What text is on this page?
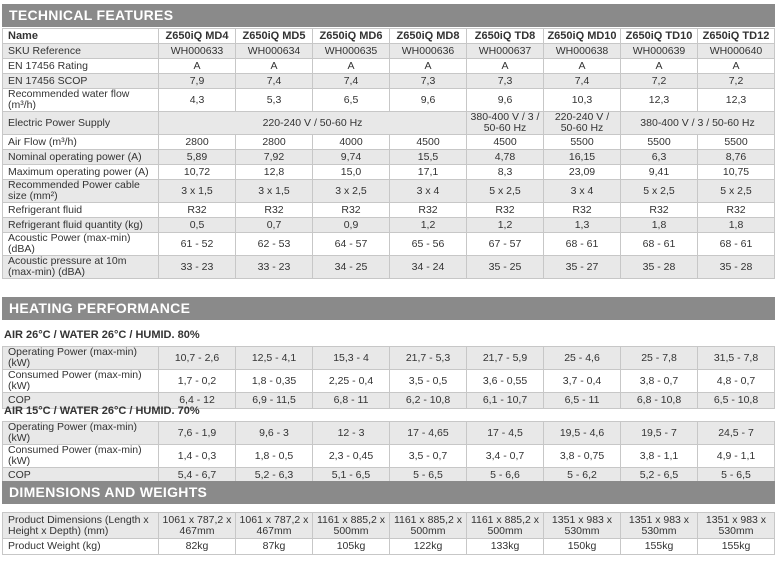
TECHNICAL FEATURES
Name	Z650iQ MD4	Z650iQ MD5	Z650iQ MD6	Z650iQ MD8	Z650iQ TD8	Z650iQ MD10	Z650iQ TD10	Z650iQ TD12
SKU Reference	WH000633	WH000634	WH000635	WH000636	WH000637	WH000638	WH000639	WH000640
EN 17456 Rating	A	A	A	A	A	A	A	A
EN 17456 SCOP	7,9	7,4	7,4	7,3	7,3	7,4	7,2	7,2
Recommended water flow (m³/h)	4,3	5,3	6,5	9,6	9,6	10,3	12,3	12,3
Electric Power Supply	220-240 V / 50-60 Hz				380-400 V / 3 / 50-60 Hz	220-240 V / 50-60 Hz	380-400 V / 3 / 50-60 Hz	
Air Flow (m³/h)	2800	2800	4000	4500	4500	5500	5500	5500
Nominal operating power (A)	5,89	7,92	9,74	15,5	4,78	16,15	6,3	8,76
Maximum operating power (A)	10,72	12,8	15,0	17,1	8,3	23,09	9,41	10,75
Recommended Power cable size (mm²)	3 x 1,5	3 x 1,5	3 x 2,5	3 x 4	5 x 2,5	3 x 4	5 x 2,5	5 x 2,5
Refrigerant fluid	R32	R32	R32	R32	R32	R32	R32	R32
Refrigerant fluid quantity (kg)	0,5	0,7	0,9	1,2	1,2	1,3	1,8	1,8
Acoustic Power (max-min) (dBA)	61 - 52	62 - 53	64 - 57	65 - 56	67 - 57	68 - 61	68 - 61	68 - 61
Acoustic pressure at 10m (max-min) (dBA)	33 - 23	33 - 23	34 - 25	34 - 24	35 - 25	35 - 27	35 - 28	35 - 28
HEATING PERFORMANCE
AIR 26°C / WATER 26°C / HUMID. 80%
Operating Power (max-min) (kW)	10,7 - 2,6	12,5 - 4,1	15,3 - 4	21,7 - 5,3	21,7 - 5,9	25 - 4,6	25 - 7,8	31,5 - 7,8
Consumed Power (max-min) (kW)	1,7 - 0,2	1,8 - 0,35	2,25 - 0,4	3,5 - 0,5	3,6 - 0,55	3,7 - 0,4	3,8 - 0,7	4,8 - 0,7
COP	6,4 - 12	6,9 - 11,5	6,8 - 11	6,2 - 10,8	6,1 - 10,7	6,5 - 11	6,8 - 10,8	6,5 - 10,8
AIR 15°C / WATER 26°C / HUMID. 70%
Operating Power (max-min) (kW)	7,6 - 1,9	9,6 - 3	12 - 3	17 - 4,65	17 - 4,5	19,5 - 4,6	19,5 - 7	24,5 - 7
Consumed Power (max-min) (kW)	1,4 - 0,3	1,8 - 0,5	2,3 - 0,45	3,5 - 0,7	3,4 - 0,7	3,8 - 0,75	3,8 - 1,1	4,9 - 1,1
COP	5,4 - 6,7	5,2 - 6,3	5,1 - 6,5	5 - 6,5	5 - 6,6	5 - 6,2	5,2 - 6,5	5 - 6,5
DIMENSIONS AND WEIGHTS
Product Dimensions (Length x Height x Depth) (mm)	1061 x 787,2 x 467mm	1061 x 787,2 x 467mm	1161 x 885,2 x 500mm	1161 x 885,2 x 500mm	1161 x 885,2 x 500mm	1351 x 983 x 530mm	1351 x 983 x 530mm	1351 x 983 x 530mm
Product Weight (kg)	82kg	87kg	105kg	122kg	133kg	150kg	155kg	155kg
